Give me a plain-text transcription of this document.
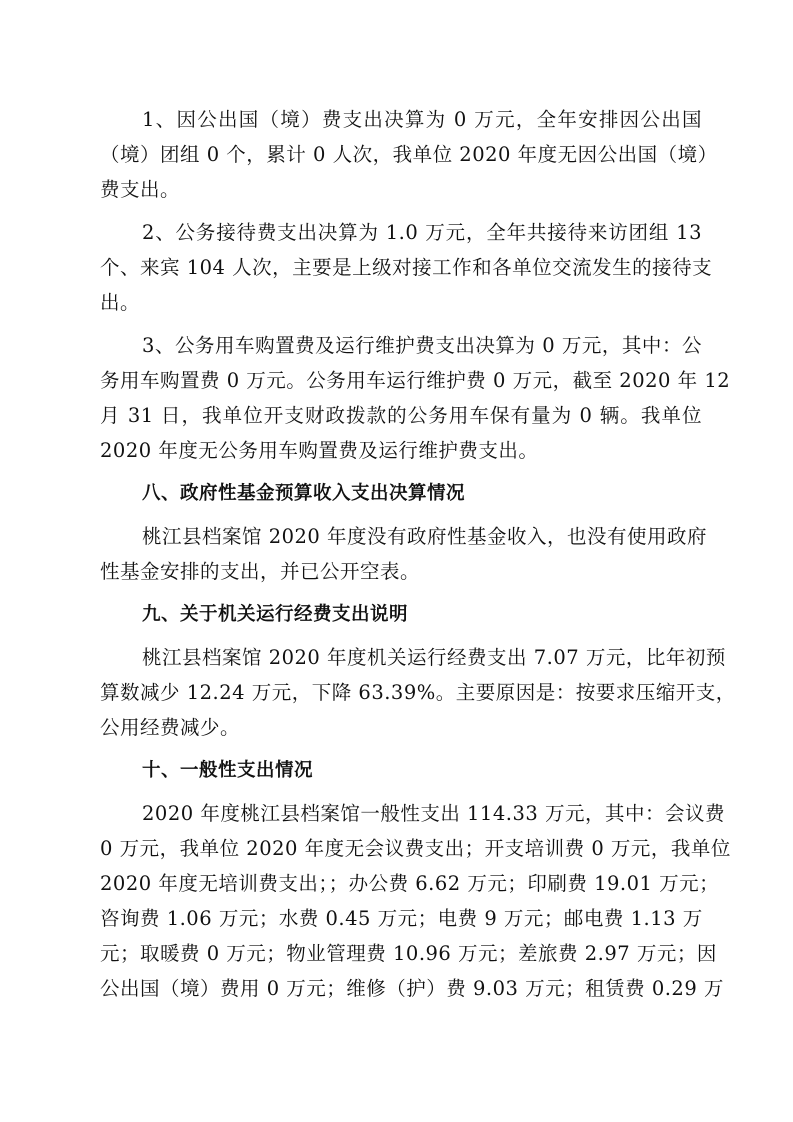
1、因公出国（境）费支出决算为 0 万元，全年安排因公出国
（境）团组 0 个，累计 0 人次，我单位 2020 年度无因公出国（境）
费支出。
2、公务接待费支出决算为 1.0 万元，全年共接待来访团组 13
个、来宾 104 人次，主要是上级对接工作和各单位交流发生的接待支
出。
3、公务用车购置费及运行维护费支出决算为 0 万元，其中：公
务用车购置费 0 万元。公务用车运行维护费 0 万元，截至 2020 年 12
月 31 日，我单位开支财政拨款的公务用车保有量为 0 辆。我单位
2020 年度无公务用车购置费及运行维护费支出。
八、政府性基金预算收入支出决算情况
桃江县档案馆 2020 年度没有政府性基金收入，也没有使用政府
性基金安排的支出，并已公开空表。
九、关于机关运行经费支出说明
桃江县档案馆 2020 年度机关运行经费支出 7.07 万元，比年初预
算数减少 12.24 万元，下降 63.39%。主要原因是：按要求压缩开支，
公用经费减少。
十、一般性支出情况
2020 年度桃江县档案馆一般性支出 114.33 万元，其中：会议费
0 万元，我单位 2020 年度无会议费支出；开支培训费 0 万元，我单位
2020 年度无培训费支出；；办公费 6.62 万元；印刷费 19.01 万元；
咨询费 1.06 万元；水费 0.45 万元；电费 9 万元；邮电费 1.13 万
元；取暖费 0 万元；物业管理费 10.96 万元；差旅费 2.97 万元；因
公出国（境）费用 0 万元；维修（护）费 9.03 万元；租赁费 0.29 万
